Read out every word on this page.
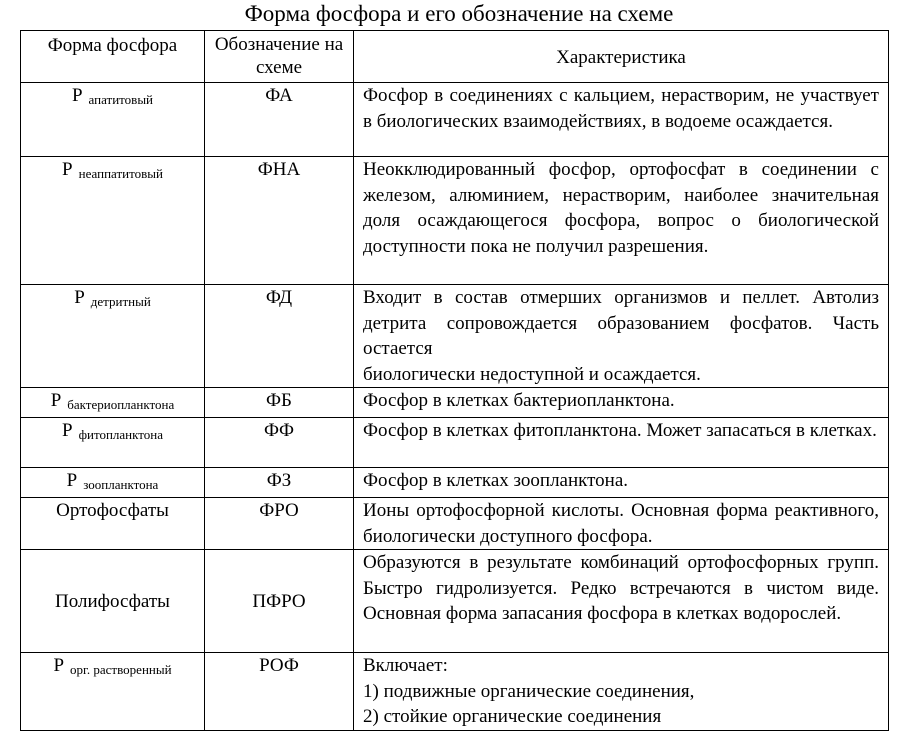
Форма фосфора и его обозначение на схеме
Форма фосфора	Обозначение на схеме	Характеристика
P $_{апатитовый}$	ФА	Фосфор в соединениях с кальцием, нерастворим, не участвует в биологических взаимодействиях, в водоеме осаждается.
P $_{неаппатитовый}$	ФНА	Неокклюдированный фосфор, ортофосфат в соединении с железом, алюминием, нерастворим, наиболее значительная доля осаждающегося фосфора, вопрос о биологической доступности пока не получил разрешения.
P $_{детритный}$	ФД	Входит в состав отмерших организмов и пеллет. Автолиз детрита сопровождается образованием фосфатов. Часть остается
биологически недоступной и осаждается.

P $_{бактериопланктона}$	ФБ	Фосфор в клетках бактериопланктона.
P $_{фитопланктона}$	ФФ	Фосфор в клетках фитопланктона. Может запасаться в клетках.
P $_{зоопланктона}$	ФЗ	Фосфор в клетках зоопланктона.
Ортофосфаты	ФРО	Ионы ортофосфорной кислоты. Основная форма реактивного, биологически доступного фосфора.
Полифосфаты	ПФРО	Образуются в результате комбинаций ортофосфорных групп. Быстро гидролизуется. Редко встречаются в чистом виде. Основная форма запасания фосфора в клетках водорослей.
P $_{орг. растворенный}$	РОФ	Включает:
1) подвижные органические соединения,
2) стойкие органические соединения
